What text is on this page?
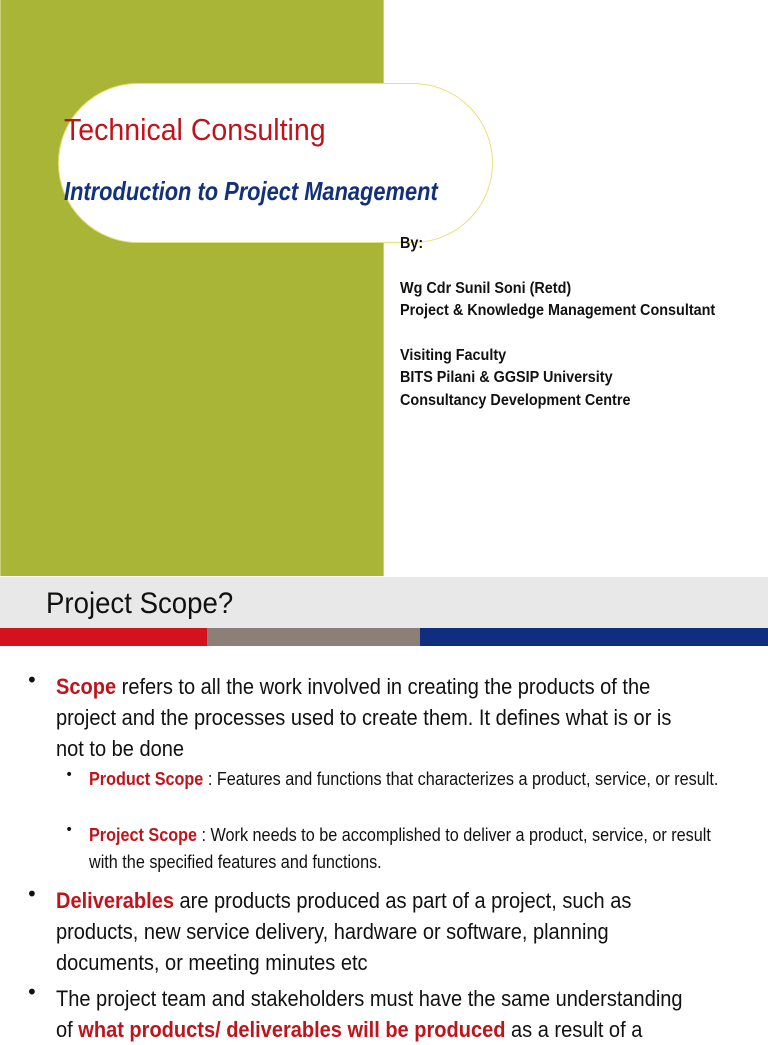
Technical Consulting
Introduction to Project Management
By:
Wg Cdr Sunil Soni (Retd)
Project & Knowledge Management Consultant
Visiting Faculty
BITS Pilani & GGSIP University
Consultancy Development Centre
Project Scope?
• Scope refers to all the work involved in creating the products of the project and the processes used to create them. It defines what is or is not to be done
• Product Scope : Features and functions that characterizes a product, service, or result.
• Project Scope : Work needs to be accomplished to deliver a product, service, or result with the specified features and functions.
• Deliverables are products produced as part of a project, such as products, new service delivery, hardware or software, planning documents, or meeting minutes etc
• The project team and stakeholders must have the same understanding of what products/ deliverables will be produced as a result of a
